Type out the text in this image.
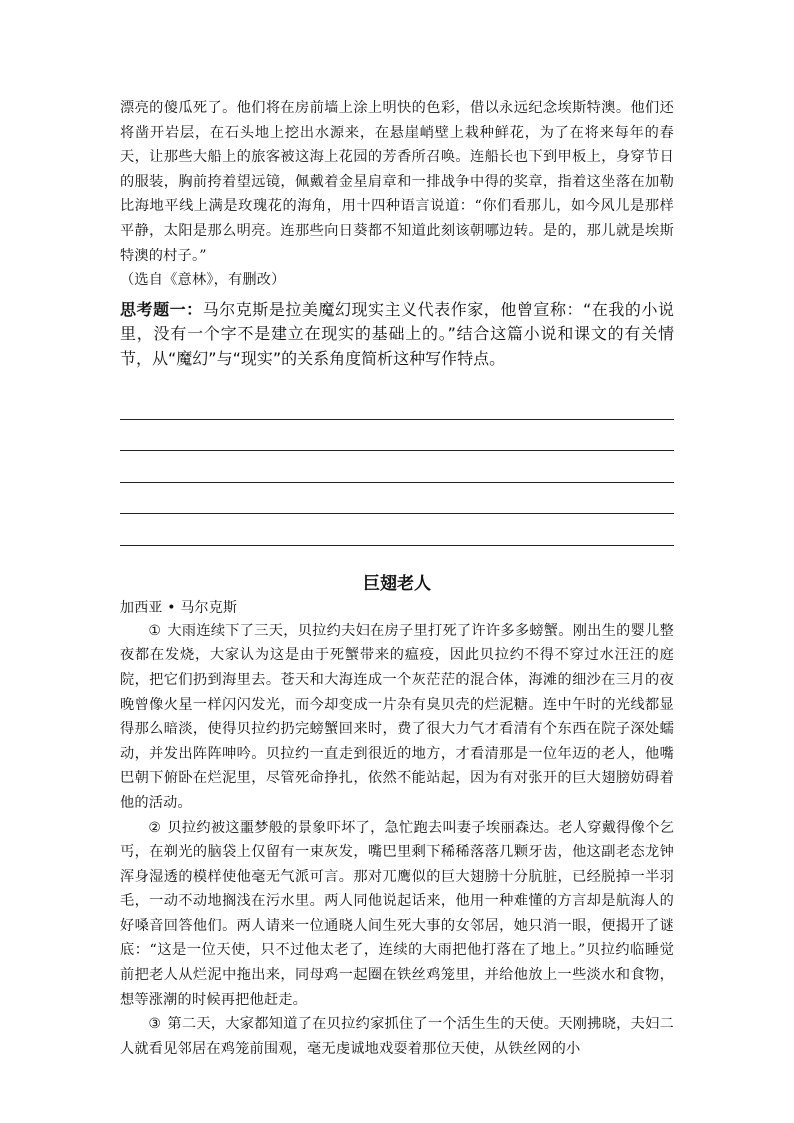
漂亮的傻瓜死了。他们将在房前墙上涂上明快的色彩，借以永远纪念埃斯特澳。他们还将凿开岩层，在石头地上挖出水源来，在悬崖峭壁上栽种鲜花，为了在将来每年的春天，让那些大船上的旅客被这海上花园的芳香所召唤。连船长也下到甲板上，身穿节日的服装，胸前挎着望远镜，佩戴着金星肩章和一排战争中得的奖章，指着这坐落在加勒比海地平线上满是玫瑰花的海角，用十四种语言说道：“你们看那儿，如今风儿是那样平静，太阳是那么明亮。连那些向日葵都不知道此刻该朝哪边转。是的，那儿就是埃斯特澳的村子。”

（选自《意林》，有删改）

思考题一：马尔克斯是拉美魔幻现实主义代表作家，他曾宣称：“在我的小说里，没有一个字不是建立在现实的基础上的。”结合这篇小说和课文的有关情节，从“魔幻”与“现实”的关系角度简析这种写作特点。
巨翅老人
加西亚 • 马尔克斯

① 大雨连续下了三天，贝拉约夫妇在房子里打死了许许多多螃蟹。刚出生的婴儿整夜都在发烧，大家认为这是由于死蟹带来的瘟疫，因此贝拉约不得不穿过水汪汪的庭院，把它们扔到海里去。苍天和大海连成一个灰茫茫的混合体，海滩的细沙在三月的夜晚曾像火星一样闪闪发光，而今却变成一片杂有臭贝壳的烂泥糖。连中午时的光线都显得那么暗淡，使得贝拉约扔完螃蟹回来时，费了很大力气才看清有个东西在院子深处蠕动，并发出阵阵呻吟。贝拉约一直走到很近的地方，才看清那是一位年迈的老人，他嘴巴朝下俯卧在烂泥里，尽管死命挣扎，依然不能站起，因为有对张开的巨大翅膀妨碍着他的活动。

② 贝拉约被这噩梦般的景象吓坏了，急忙跑去叫妻子埃丽森达。老人穿戴得像个乞丐，在剃光的脑袋上仅留有一束灰发，嘴巴里剩下稀稀落落几颗牙齿，他这副老态龙钟浑身湿透的模样使他毫无气派可言。那对兀鹰似的巨大翅膀十分肮脏，已经脱掉一半羽毛，一动不动地搁浅在污水里。两人同他说起话来，他用一种难懂的方言却是航海人的好嗓音回答他们。两人请来一位通晓人间生死大事的女邻居，她只消一眼，便揭开了谜底：“这是一位天使，只不过他太老了，连续的大雨把他打落在了地上。”贝拉约临睡觉前把老人从烂泥中拖出来，同母鸡一起圈在铁丝鸡笼里，并给他放上一些淡水和食物，想等涨潮的时候再把他赶走。

③ 第二天，大家都知道了在贝拉约家抓住了一个活生生的天使。天刚拂晓，夫妇二人就看见邻居在鸡笼前围观，毫无虔诚地戏耍着那位天使，从铁丝网的小
